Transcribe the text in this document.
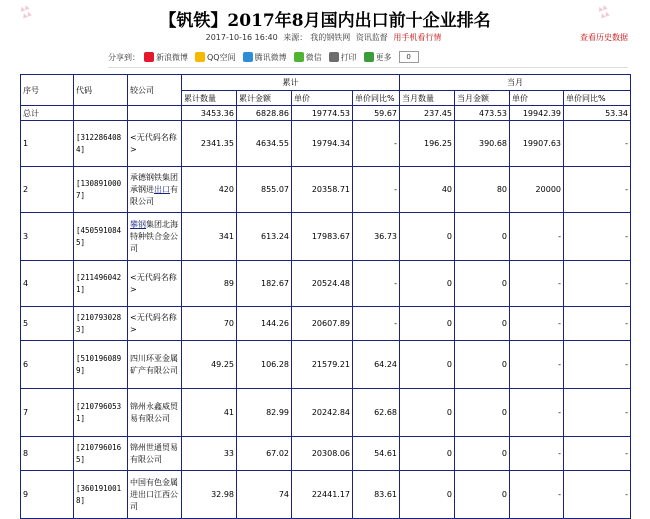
【钒铁】2017年8月国内出口前十企业排名
2017-10-16 16:40 来源： 我的钢铁网 资讯监督 用手机看行情	查看历史数据
分享到： 新浪微博 QQ空间 腾讯微博 微信 打印 更多	0
序号	代码	较公司	累计				当月			
			累计数量	累计金额	单价	单价同比%	当月数量	当月金额	单价	单价同比%
总计			3453.36	6828.86	19774.53	59.67	237.45	473.53	19942.39	53.34
1	[312286408 4]	<无代码名称>	2341.35	4634.55	19794.34	-	196.25	390.68	19907.63	-
2	[130891000 7]	承德钢铁集团承钢进出口有限公司	420	855.07	20358.71	-	40	80	20000	-
3	[450591084 5]	攀钢集团北海特种铁合金公司	341	613.24	17983.67	36.73	0	0	-	-
4	[211496042 1]	<无代码名称>	89	182.67	20524.48	-	0	0	-	-
5	[210793028 3]	<无代码名称>	70	144.26	20607.89	-	0	0	-	-
6	[510196089 9]	四川环亚金属矿产有限公司	49.25	106.28	21579.21	64.24	0	0	-	-
7	[210796053 1]	锦州永鑫威贸易有限公司	41	82.99	20242.84	62.68	0	0	-	-
8	[210796016 5]	锦州世通贸易有限公司	33	67.02	20308.06	54.61	0	0	-	-
9	[360191001 8]	中国有色金属进出口江西公司	32.98	74	22441.17	83.61	0	0	-	-
▲▲
▲▲
▲▲
▲▲
